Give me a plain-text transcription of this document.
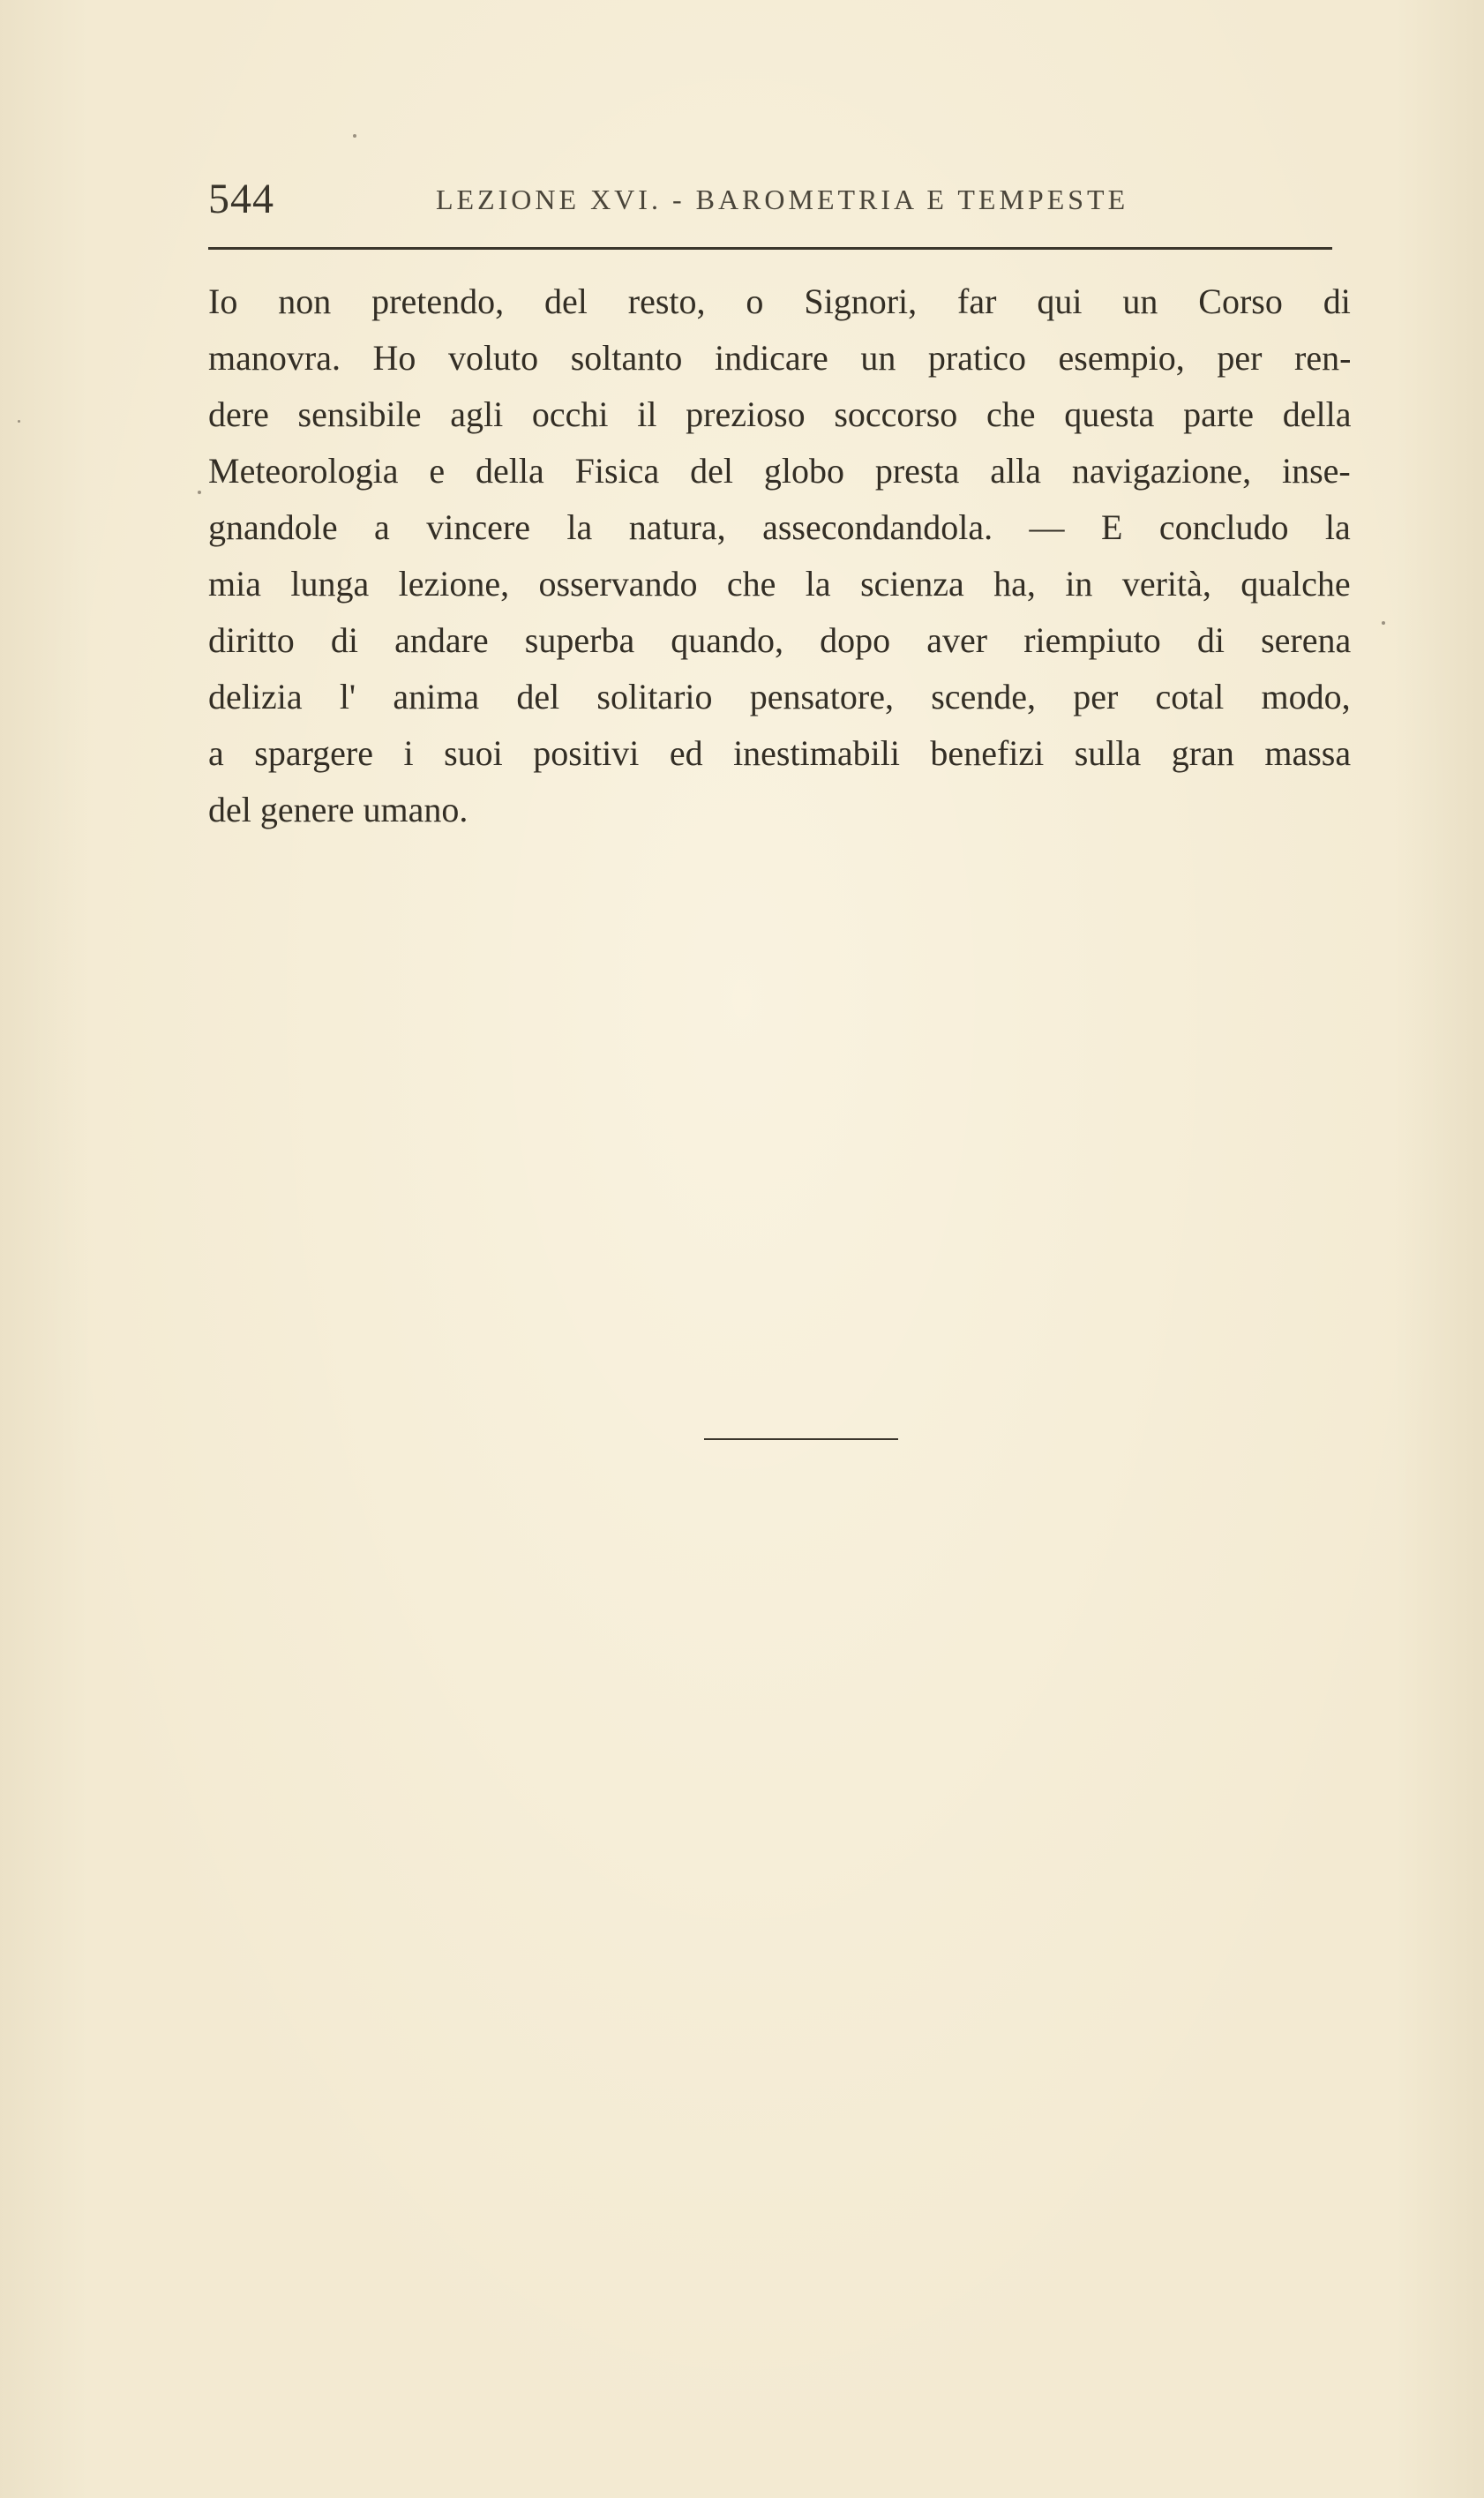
544	LEZIONE XVI. - BAROMETRIA E TEMPESTE
Io non pretendo, del resto, o Signori, far qui un Corso di
manovra. Ho voluto soltanto indicare un pratico esempio, per ren-
dere sensibile agli occhi il prezioso soccorso che questa parte della
Meteorologia e della Fisica del globo presta alla navigazione, inse-
gnandole a vincere la natura, assecondandola. — E concludo la
mia lunga lezione, osservando che la scienza ha, in verità, qualche
diritto di andare superba quando, dopo aver riempiuto di serena
delizia l' anima del solitario pensatore, scende, per cotal modo,
a spargere i suoi positivi ed inestimabili benefizi sulla gran massa
del genere umano.
